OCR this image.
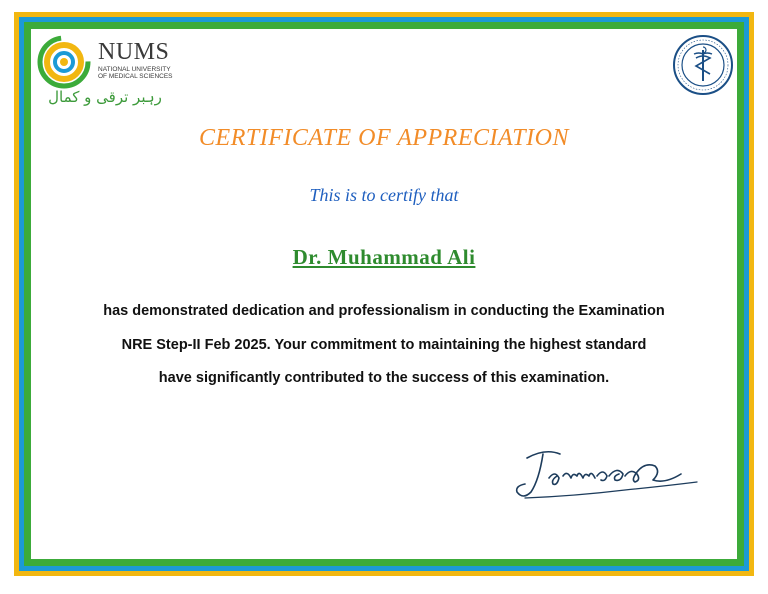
NUMS
NATIONAL UNIVERSITY
OF MEDICAL SCIENCES
رہبر ترقی و کمال
CERTIFICATE OF APPRECIATION
This is to certify that
Dr. Muhammad Ali
has demonstrated dedication and professionalism in conducting the Examination
NRE Step-II Feb 2025. Your commitment to maintaining the highest standard
have significantly contributed to the success of this examination.
